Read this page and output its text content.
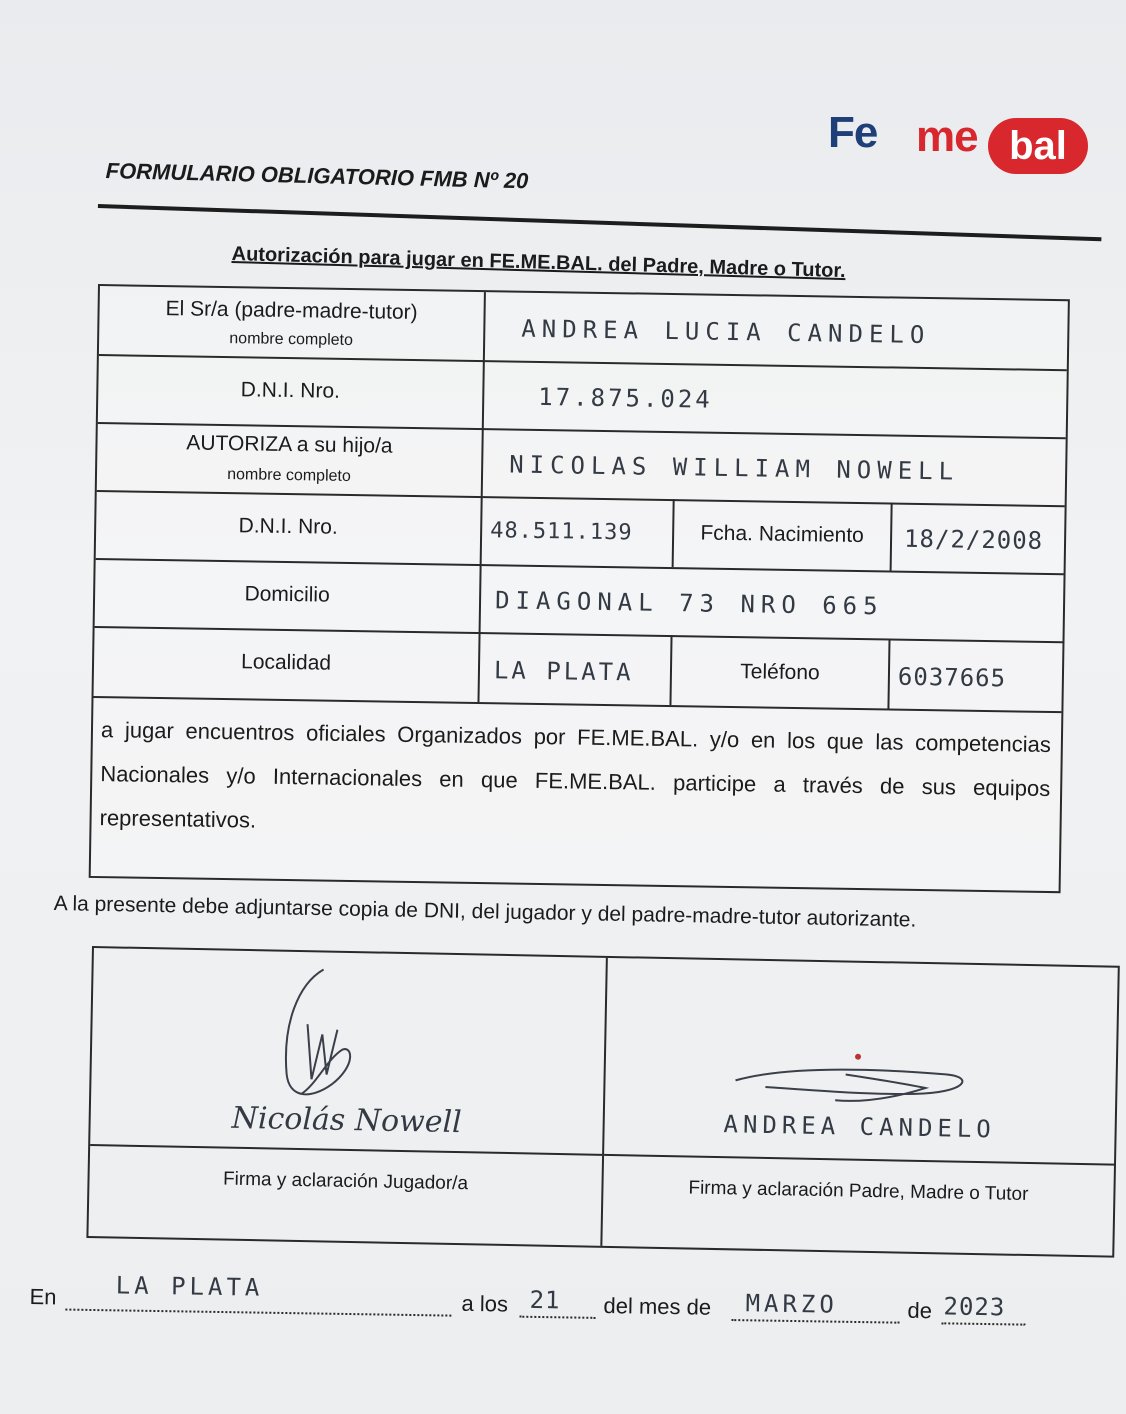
Fe me bal
FORMULARIO OBLIGATORIO FMB Nº 20
Autorización para jugar en FE.ME.BAL. del Padre, Madre o Tutor.
El Sr/a (padre-madre-tutor)
nombre completo	ANDREA LUCIA CANDELO
D.N.I. Nro.	17.875.024
AUTORIZA a su hijo/a
nombre completo	NICOLAS WILLIAM NOWELL
D.N.I. Nro.	48.511.139	Fcha. Nacimiento	18/2/2008
Domicilio	DIAGONAL 73 NRO 665
Localidad	LA PLATA	Teléfono	6037665
a jugar encuentros oficiales Organizados por FE.ME.BAL. y/o en los que las competencias Nacionales y/o Internacionales en que FE.ME.BAL. participe a través de sus equipos representativos.
A la presente debe adjuntarse copia de DNI, del jugador y del padre-madre-tutor autorizante.
Nicolás Nowell
Firma y aclaración Jugador/a
ANDREA CANDELO
Firma y aclaración Padre, Madre o Tutor
En LA PLATA
a los 21 del mes de MARZO	de 2023
